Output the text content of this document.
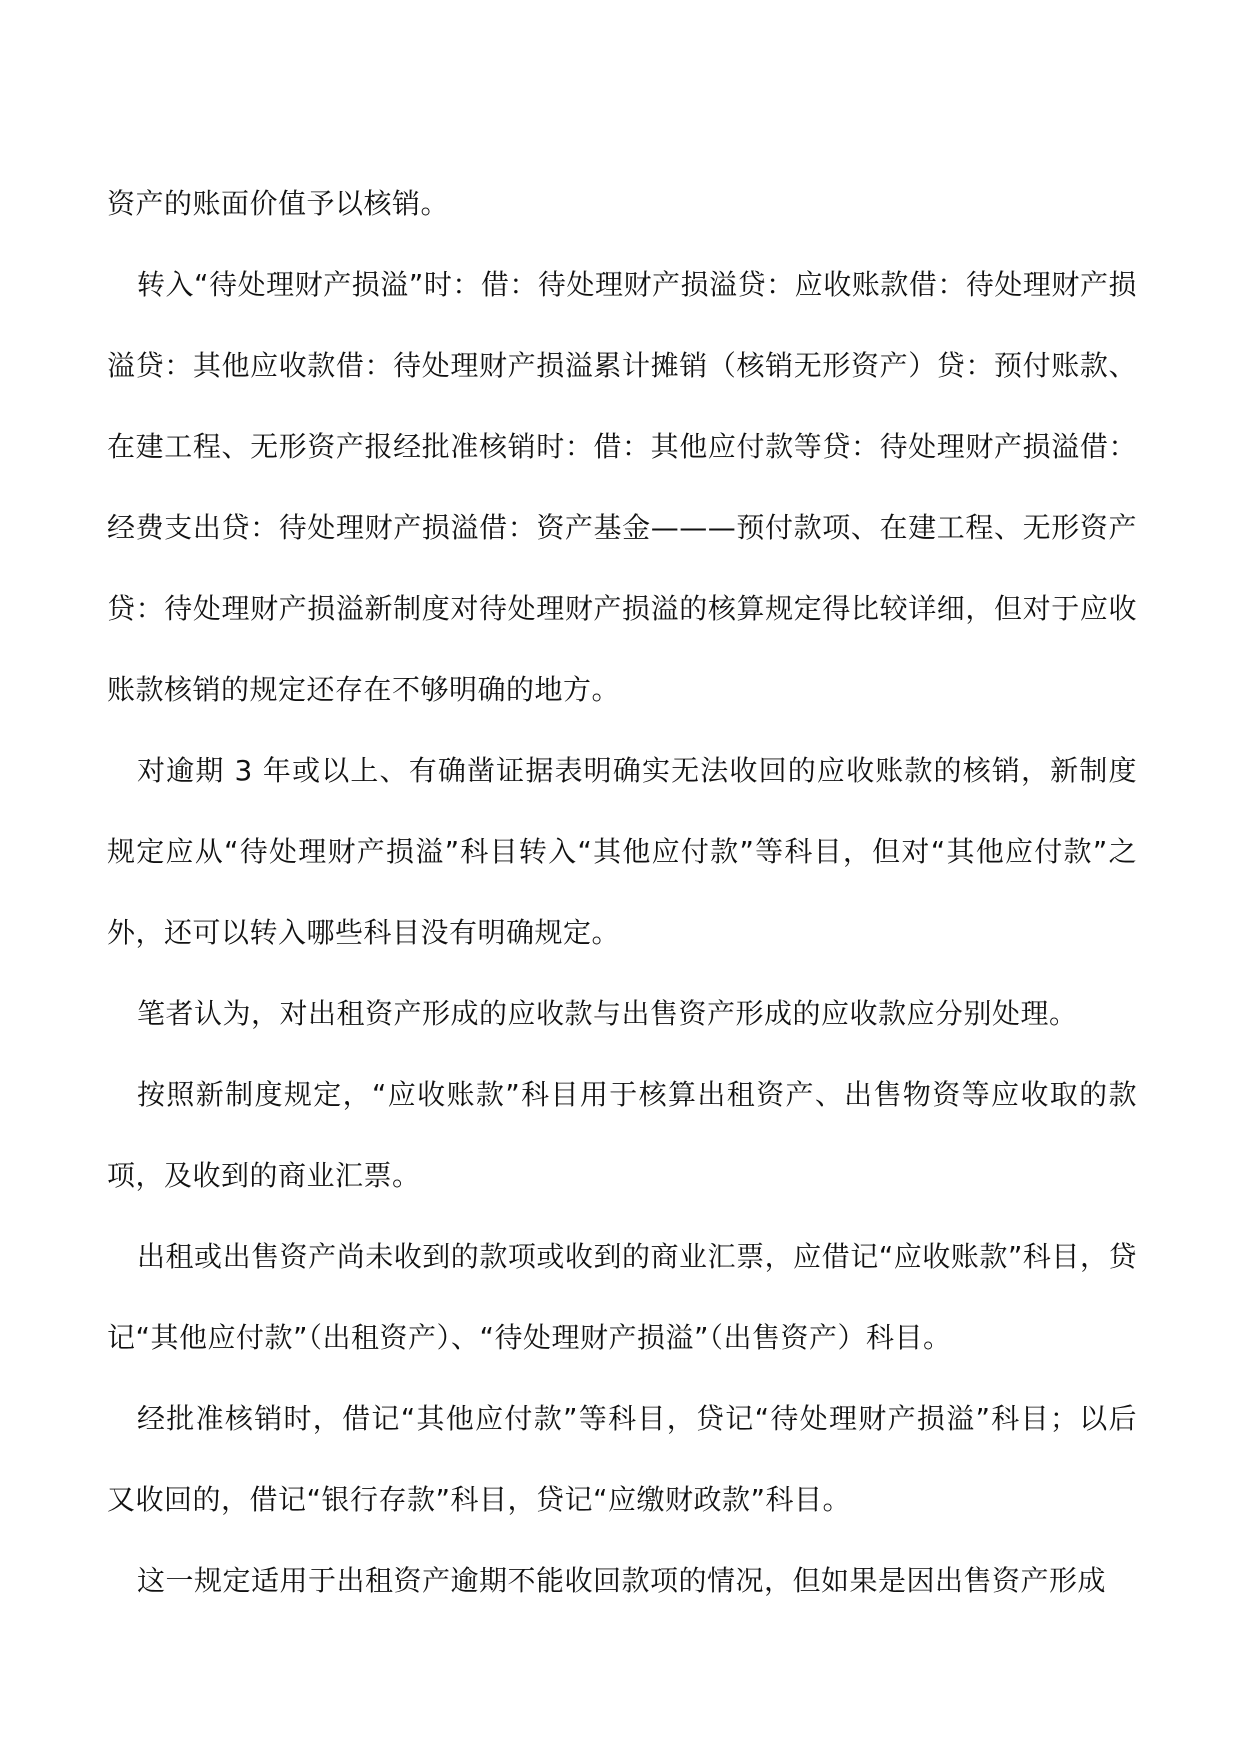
资产的账面价值予以核销。

转入“待处理财产损溢”时：借：待处理财产损溢贷：应收账款借：待处理财产损溢贷：其他应收款借：待处理财产损溢累计摊销（核销无形资产）贷：预付账款、在建工程、无形资产报经批准核销时：借：其他应付款等贷：待处理财产损溢借：经费支出贷：待处理财产损溢借：资产基金———预付款项、在建工程、无形资产贷：待处理财产损溢新制度对待处理财产损溢的核算规定得比较详细，但对于应收账款核销的规定还存在不够明确的地方。

对逾期 3 年或以上、有确凿证据表明确实无法收回的应收账款的核销，新制度规定应从“待处理财产损溢”科目转入“其他应付款”等科目，但对“其他应付款”之外，还可以转入哪些科目没有明确规定。

笔者认为，对出租资产形成的应收款与出售资产形成的应收款应分别处理。

按照新制度规定，“应收账款”科目用于核算出租资产、出售物资等应收取的款项，及收到的商业汇票。

出租或出售资产尚未收到的款项或收到的商业汇票，应借记“应收账款”科目，贷记“其他应付款”（出租资产）、“待处理财产损溢”（出售资产）科目。

经批准核销时，借记“其他应付款”等科目，贷记“待处理财产损溢”科目；以后又收回的，借记“银行存款”科目，贷记“应缴财政款”科目。

这一规定适用于出租资产逾期不能收回款项的情况，但如果是因出售资产形成
